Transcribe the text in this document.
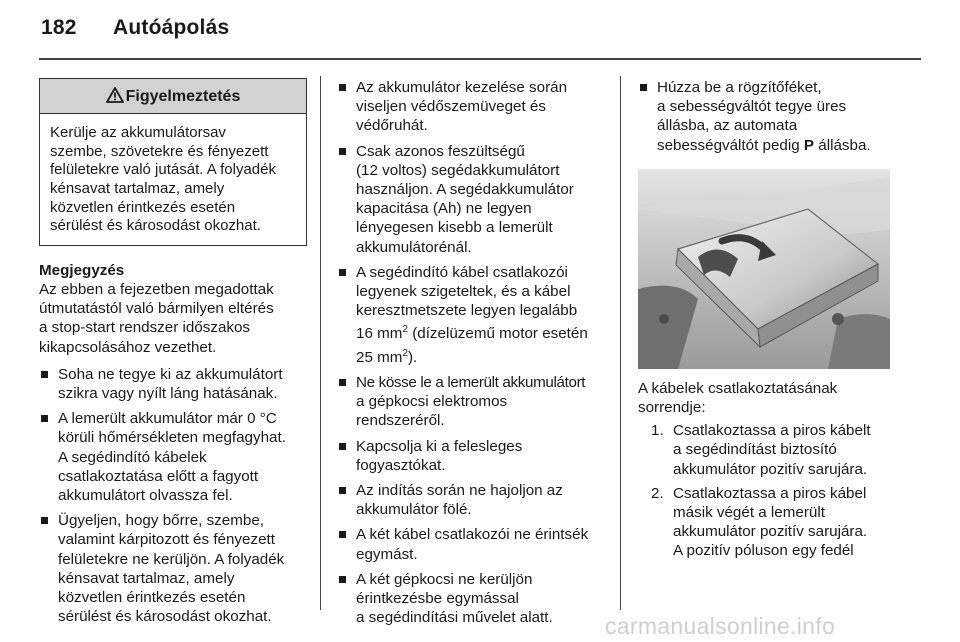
182 Autóápolás
Figyelmeztetés
Kerülje az akkumulátorsav
szembe, szövetekre és fényezett
felületekre való jutását. A folyadék
kénsavat tartalmaz, amely
közvetlen érintkezés esetén
sérülést és károsodást okozhat.
Megjegyzés
Az ebben a fejezetben megadottak
útmutatástól való bármilyen eltérés
a stop-start rendszer időszakos
kikapcsolásához vezethet.
Soha ne tegye ki az akkumulátort
szikra vagy nyílt láng hatásának.
A lemerült akkumulátor már 0 °C
körüli hőmérsékleten megfagyhat.
A segédindító kábelek
csatlakoztatása előtt a fagyott
akkumulátort olvassza fel.
Ügyeljen, hogy bőrre, szembe,
valamint kárpitozott és fényezett
felületekre ne kerüljön. A folyadék
kénsavat tartalmaz, amely
közvetlen érintkezés esetén
sérülést és károsodást okozhat.
Az akkumulátor kezelése során
viseljen védőszemüveget és
védőruhát.
Csak azonos feszültségű
(12 voltos) segédakkumulátort
használjon. A segédakkumulátor
kapacitása (Ah) ne legyen
lényegesen kisebb a lemerült
akkumulátorénál.
A segédindító kábel csatlakozói
legyenek szigeteltek, és a kábel
keresztmetszete legyen legalább
16 $mm^2$ (dízelüzemű motor esetén
25 $mm^2$).
Ne kösse le a lemerült akkumulátort
a gépkocsi elektromos
rendszeréről.
Kapcsolja ki a felesleges
fogyasztókat.
Az indítás során ne hajoljon az
akkumulátor fölé.
A két kábel csatlakozói ne érintsék
egymást.
A két gépkocsi ne kerüljön
érintkezésbe egymással
a segédindítási művelet alatt.
Húzza be a rögzítőféket,
a sebességváltót tegye üres
állásba, az automata
sebességváltót pedig P állásba.
A kábelek csatlakoztatásának
sorrendje:
1. Csatlakoztassa a piros kábelt
a segédindítást biztosító
akkumulátor pozitív sarujára.
2. Csatlakoztassa a piros kábel
másik végét a lemerült
akkumulátor pozitív sarujára.
A pozitív póluson egy fedél
carmanualsonline.info
